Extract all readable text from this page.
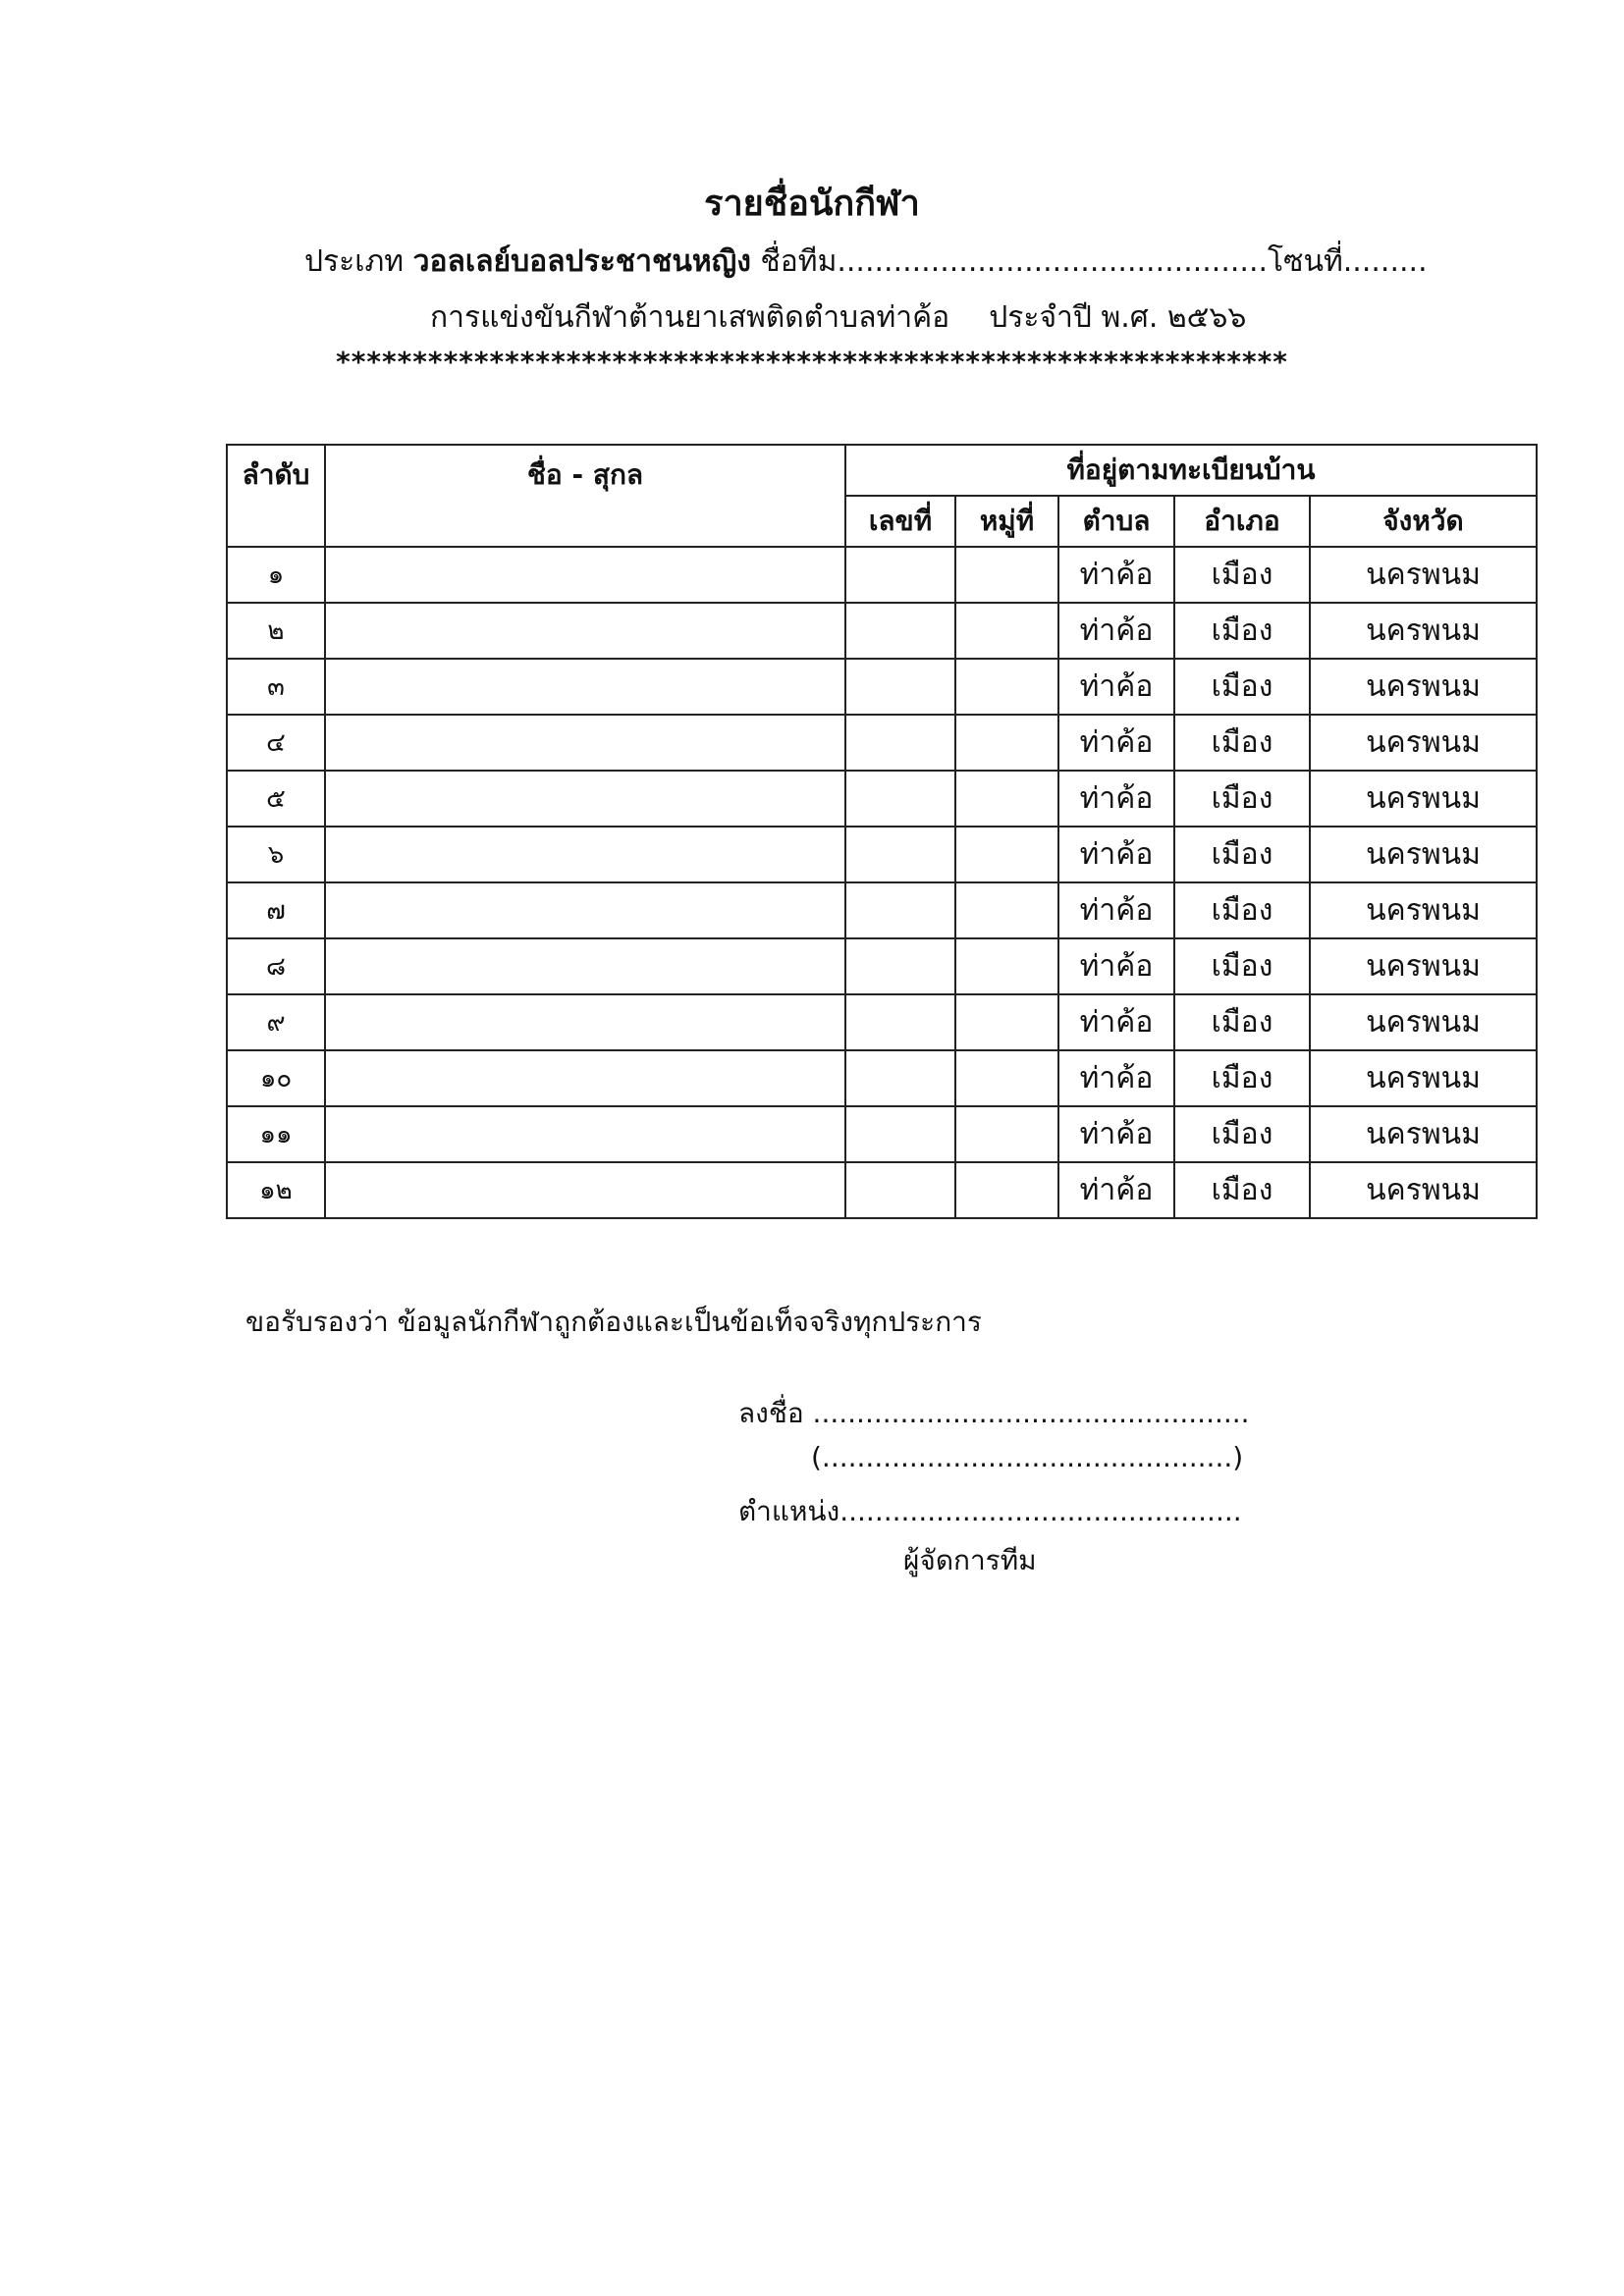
รายชื่อนักกีฬา
ประเภท วอลเลย์บอลประชาชนหญิง ชื่อทีม..............................................โซนที่.........
การแข่งขันกีฬาต้านยาเสพติดตำบลท่าค้อ ประจำปี พ.ศ. ๒๕๖๖
**************************************************************
ลำดับ	ชื่อ - สุกล	ที่อยู่ตามทะเบียนบ้าน				
		เลขที่	หมู่ที่	ตำบล	อำเภอ	จังหวัด
๑				ท่าค้อ	เมือง	นครพนม
๒				ท่าค้อ	เมือง	นครพนม
๓				ท่าค้อ	เมือง	นครพนม
๔				ท่าค้อ	เมือง	นครพนม
๕				ท่าค้อ	เมือง	นครพนม
๖				ท่าค้อ	เมือง	นครพนม
๗				ท่าค้อ	เมือง	นครพนม
๘				ท่าค้อ	เมือง	นครพนม
๙				ท่าค้อ	เมือง	นครพนม
๑๐				ท่าค้อ	เมือง	นครพนม
๑๑				ท่าค้อ	เมือง	นครพนม
๑๒				ท่าค้อ	เมือง	นครพนม
ขอรับรองว่า ข้อมูลนักกีฬาถูกต้องและเป็นข้อเท็จจริงทุกประการ
ลงชื่อ ..................................................
(...............................................)
ตำแหน่ง..............................................
ผู้จัดการทีม
